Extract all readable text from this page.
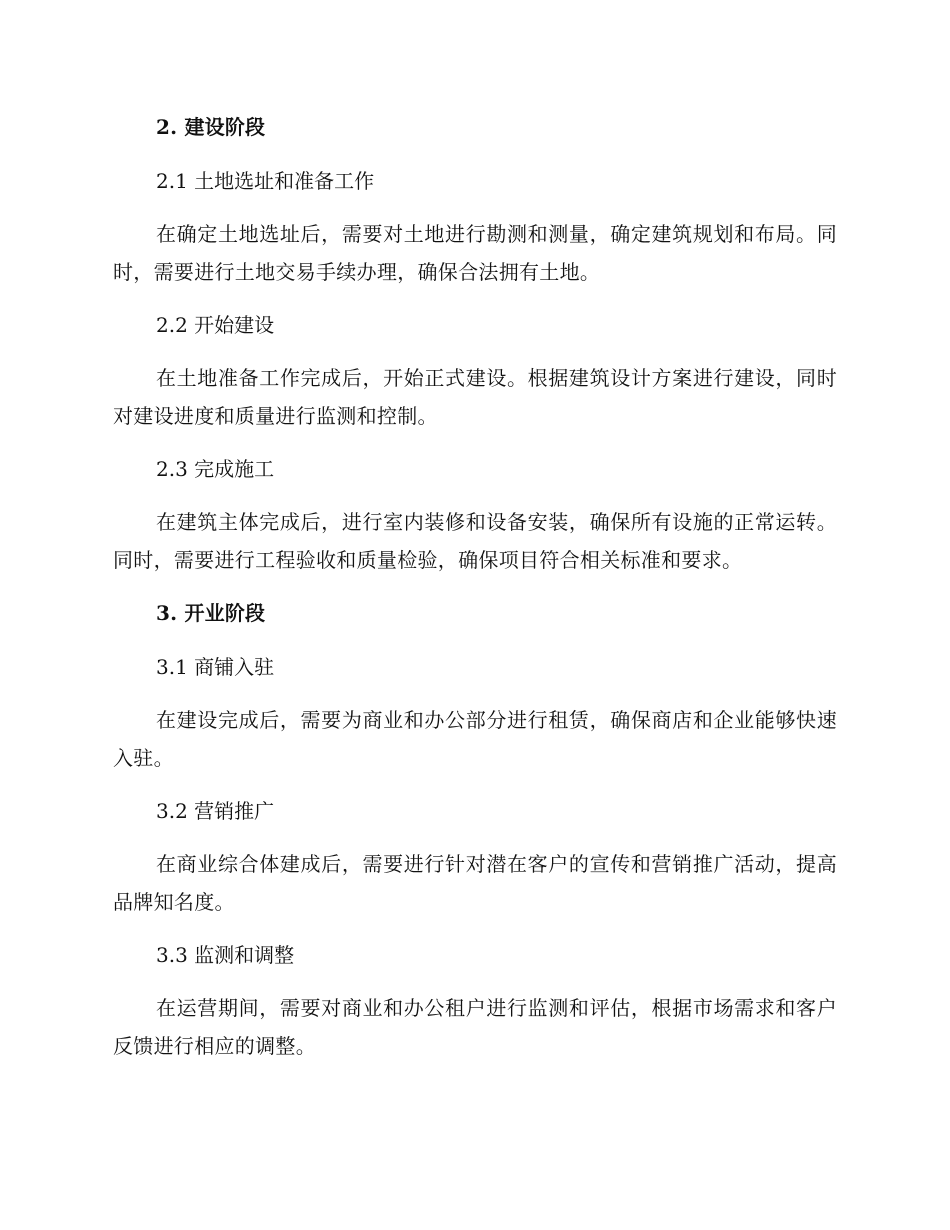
2. 建设阶段

2.1 土地选址和准备工作

在确定土地选址后，需要对土地进行勘测和测量，确定建筑规划和布局。同时，需要进行土地交易手续办理，确保合法拥有土地。

2.2 开始建设

在土地准备工作完成后，开始正式建设。根据建筑设计方案进行建设，同时对建设进度和质量进行监测和控制。

2.3 完成施工

在建筑主体完成后，进行室内装修和设备安装，确保所有设施的正常运转。同时，需要进行工程验收和质量检验，确保项目符合相关标准和要求。

3. 开业阶段

3.1 商铺入驻

在建设完成后，需要为商业和办公部分进行租赁，确保商店和企业能够快速入驻。

3.2 营销推广

在商业综合体建成后，需要进行针对潜在客户的宣传和营销推广活动，提高品牌知名度。

3.3 监测和调整

在运营期间，需要对商业和办公租户进行监测和评估，根据市场需求和客户反馈进行相应的调整。
